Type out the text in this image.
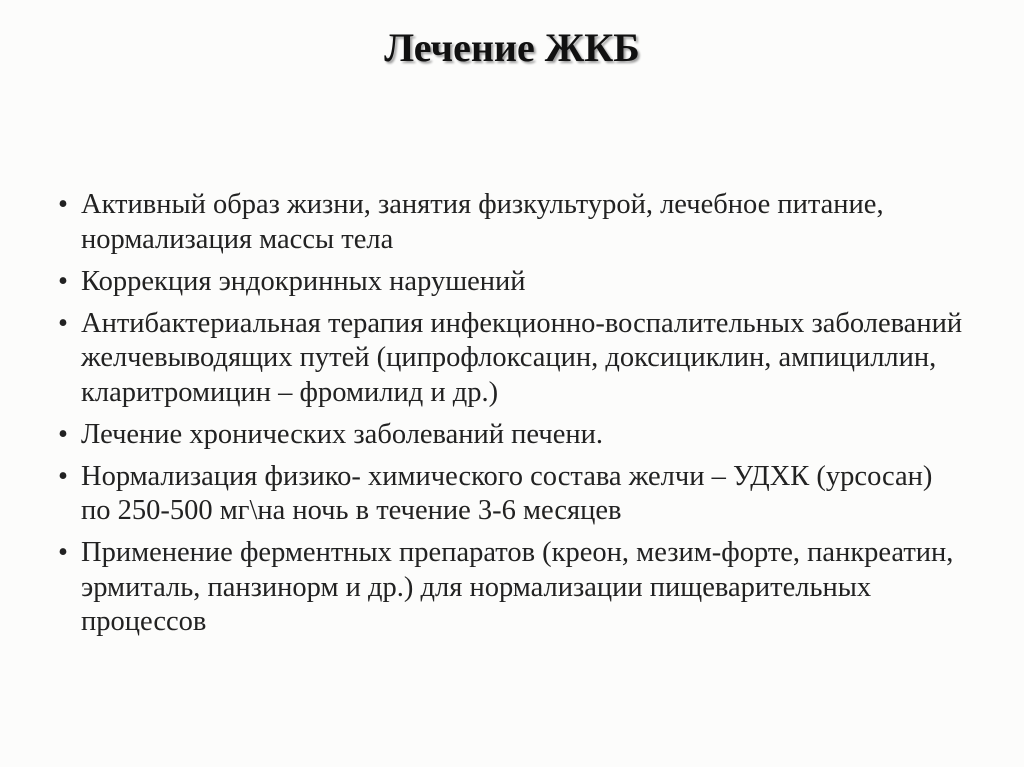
Лечение ЖКБ
• Активный образ жизни, занятия физкультурой, лечебное питание, нормализация массы тела
• Коррекция эндокринных нарушений
• Антибактериальная терапия инфекционно-воспалительных заболеваний желчевыводящих путей (ципрофлоксацин, доксициклин, ампициллин, кларитромицин – фромилид и др.)
• Лечение хронических заболеваний печени.
• Нормализация физико- химического состава желчи – УДХК (урсосан) по 250-500 мг\на ночь в течение 3-6 месяцев
• Применение ферментных препаратов (креон, мезим-форте, панкреатин, эрмиталь, панзинорм и др.) для нормализации пищеварительных процессов
